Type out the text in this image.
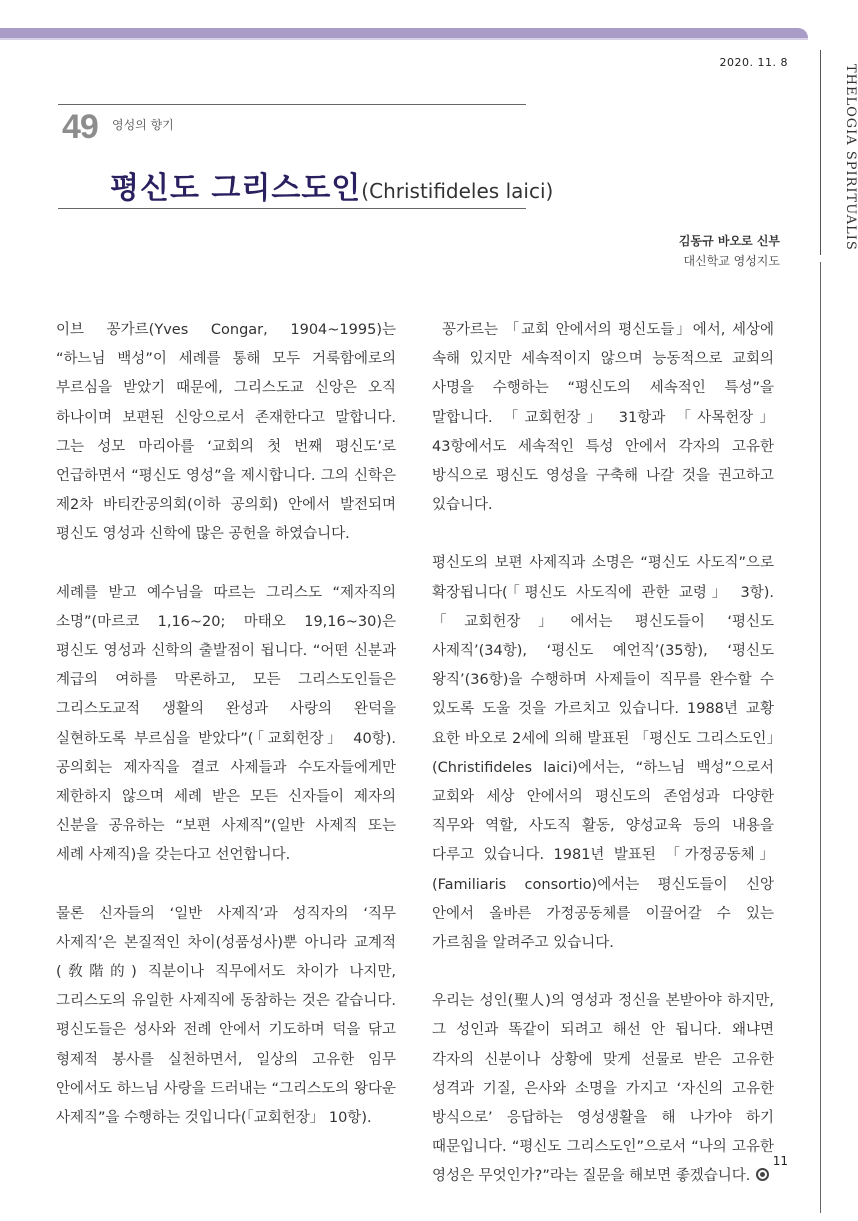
2020. 11. 8
THELOGIA SPIRITUALIS
49 영성의 향기
평신도 그리스도인(Christifideles laici)
김동규 바오로 신부
대신학교 영성지도

이브 꽁가르(Yves Congar, 1904~1995)는 “하느님 백성”이 세례를 통해 모두 거룩함에로의 부르심을 받았기 때문에, 그리스도교 신앙은 오직 하나이며 보편된 신앙으로서 존재한다고 말합니다. 그는 성모 마리아를 ‘교회의 첫 번째 평신도’로 언급하면서 “평신도 영성”을 제시합니다. 그의 신학은 제2차 바티칸공의회(이하 공의회) 안에서 발전되며 평신도 영성과 신학에 많은 공헌을 하였습니다.

세례를 받고 예수님을 따르는 그리스도 “제자직의 소명”(마르코 1,16~20; 마태오 19,16~30)은 평신도 영성과 신학의 출발점이 됩니다. “어떤 신분과 계급의 여하를 막론하고, 모든 그리스도인들은 그리스도교적 생활의 완성과 사랑의 완덕을 실현하도록 부르심을 받았다”(「교회헌장」 40항). 공의회는 제자직을 결코 사제들과 수도자들에게만 제한하지 않으며 세례 받은 모든 신자들이 제자의 신분을 공유하는 “보편 사제직”(일반 사제직 또는 세례 사제직)을 갖는다고 선언합니다.

물론 신자들의 ‘일반 사제직’과 성직자의 ‘직무 사제직’은 본질적인 차이(성품성사)뿐 아니라 교계적(敎階的) 직분이나 직무에서도 차이가 나지만, 그리스도의 유일한 사제직에 동참하는 것은 같습니다. 평신도들은 성사와 전례 안에서 기도하며 덕을 닦고 형제적 봉사를 실천하면서, 일상의 고유한 임무 안에서도 하느님 사랑을 드러내는 “그리스도의 왕다운 사제직”을 수행하는 것입니다(「교회헌장」 10항).

꽁가르는 「교회 안에서의 평신도들」에서, 세상에 속해 있지만 세속적이지 않으며 능동적으로 교회의 사명을 수행하는 “평신도의 세속적인 특성”을 말합니다. 「교회헌장」 31항과 「사목헌장」 43항에서도 세속적인 특성 안에서 각자의 고유한 방식으로 평신도 영성을 구축해 나갈 것을 권고하고 있습니다.

평신도의 보편 사제직과 소명은 “평신도 사도직”으로 확장됩니다(「평신도 사도직에 관한 교령」 3항). 「교회헌장」에서는 평신도들이 ‘평신도 사제직’(34항), ‘평신도 예언직’(35항), ‘평신도 왕직’(36항)을 수행하며 사제들이 직무를 완수할 수 있도록 도울 것을 가르치고 있습니다. 1988년 교황 요한 바오로 2세에 의해 발표된 「평신도 그리스도인」(Christifideles laici)에서는, “하느님 백성”으로서 교회와 세상 안에서의 평신도의 존엄성과 다양한 직무와 역할, 사도직 활동, 양성교육 등의 내용을 다루고 있습니다. 1981년 발표된 「가정공동체」(Familiaris consortio)에서는 평신도들이 신앙 안에서 올바른 가정공동체를 이끌어갈 수 있는 가르침을 알려주고 있습니다.

우리는 성인(聖人)의 영성과 정신을 본받아야 하지만, 그 성인과 똑같이 되려고 해선 안 됩니다. 왜냐면 각자의 신분이나 상황에 맞게 선물로 받은 고유한 성격과 기질, 은사와 소명을 가지고 ‘자신의 고유한 방식으로’ 응답하는 영성생활을 해 나가야 하기 때문입니다. “평신도 그리스도인”으로서 “나의 고유한 영성은 무엇인가?”라는 질문을 해보면 좋겠습니다.

11
